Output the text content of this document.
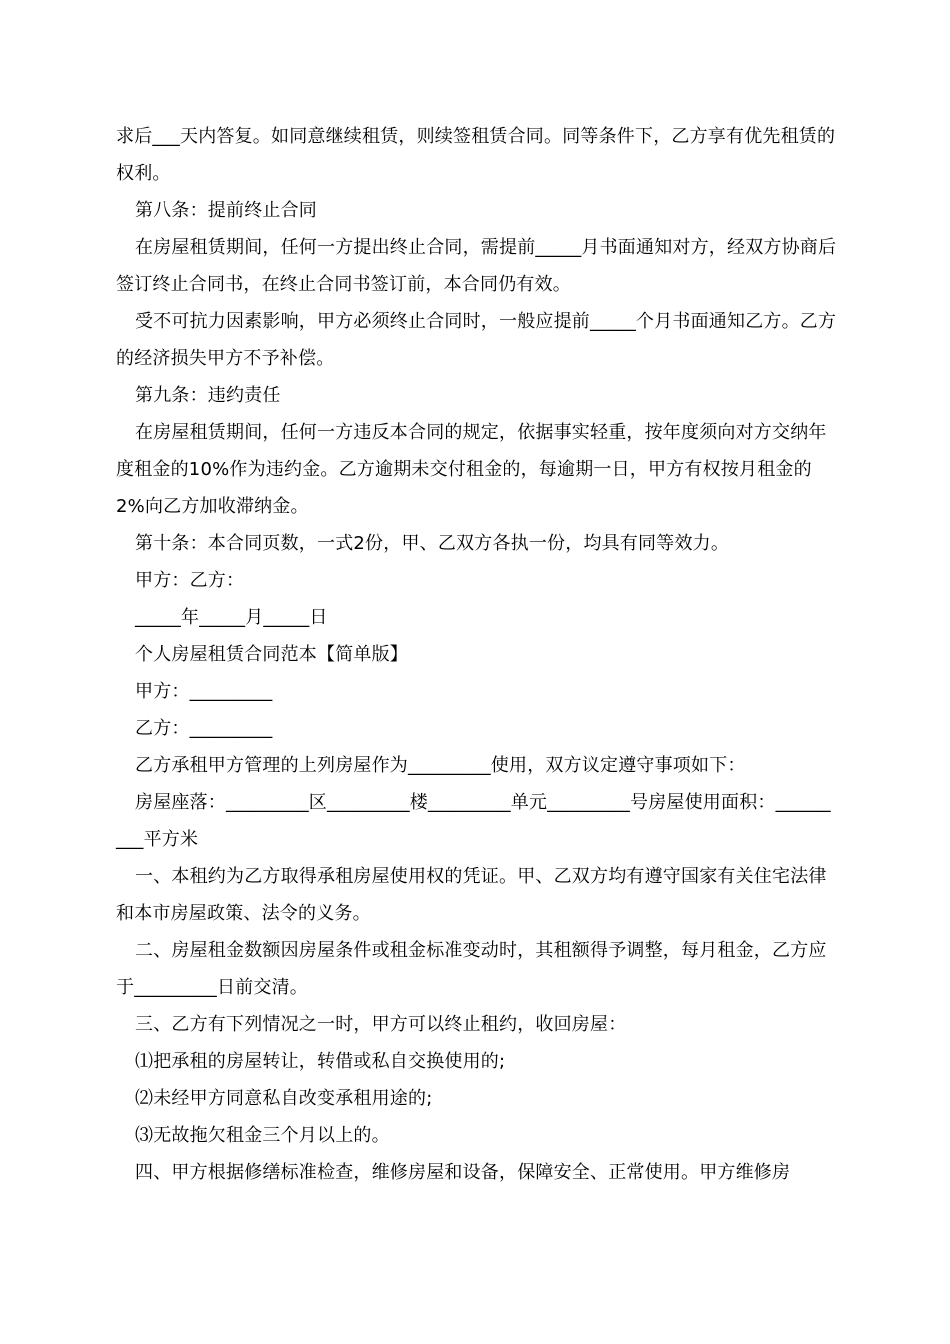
求后___天内答复。如同意继续租赁，则续签租赁合同。同等条件下，乙方享有优先租赁的权利。

第八条：提前终止合同

在房屋租赁期间，任何一方提出终止合同，需提前_____月书面通知对方，经双方协商后签订终止合同书，在终止合同书签订前，本合同仍有效。

受不可抗力因素影响，甲方必须终止合同时，一般应提前_____个月书面通知乙方。乙方的经济损失甲方不予补偿。

第九条：违约责任

在房屋租赁期间，任何一方违反本合同的规定，依据事实轻重，按年度须向对方交纳年度租金的10%作为违约金。乙方逾期未交付租金的，每逾期一日，甲方有权按月租金的2%向乙方加收滞纳金。

第十条：本合同页数，一式2份，甲、乙双方各执一份，均具有同等效力。

甲方：乙方：

_____年_____月_____日

个人房屋租赁合同范本【简单版】

甲方：_________

乙方：_________

乙方承租甲方管理的上列房屋作为_________使用，双方议定遵守事项如下：

房屋座落：_________区_________楼_________单元_________号房屋使用面积：_________平方米

一、本租约为乙方取得承租房屋使用权的凭证。甲、乙双方均有遵守国家有关住宅法律和本市房屋政策、法令的义务。

二、房屋租金数额因房屋条件或租金标准变动时，其租额得予调整，每月租金，乙方应于_________日前交清。

三、乙方有下列情况之一时，甲方可以终止租约，收回房屋：

⑴把承租的房屋转让，转借或私自交换使用的;

⑵未经甲方同意私自改变承租用途的;

⑶无故拖欠租金三个月以上的。

四、甲方根据修缮标准检查，维修房屋和设备，保障安全、正常使用。甲方维修房
